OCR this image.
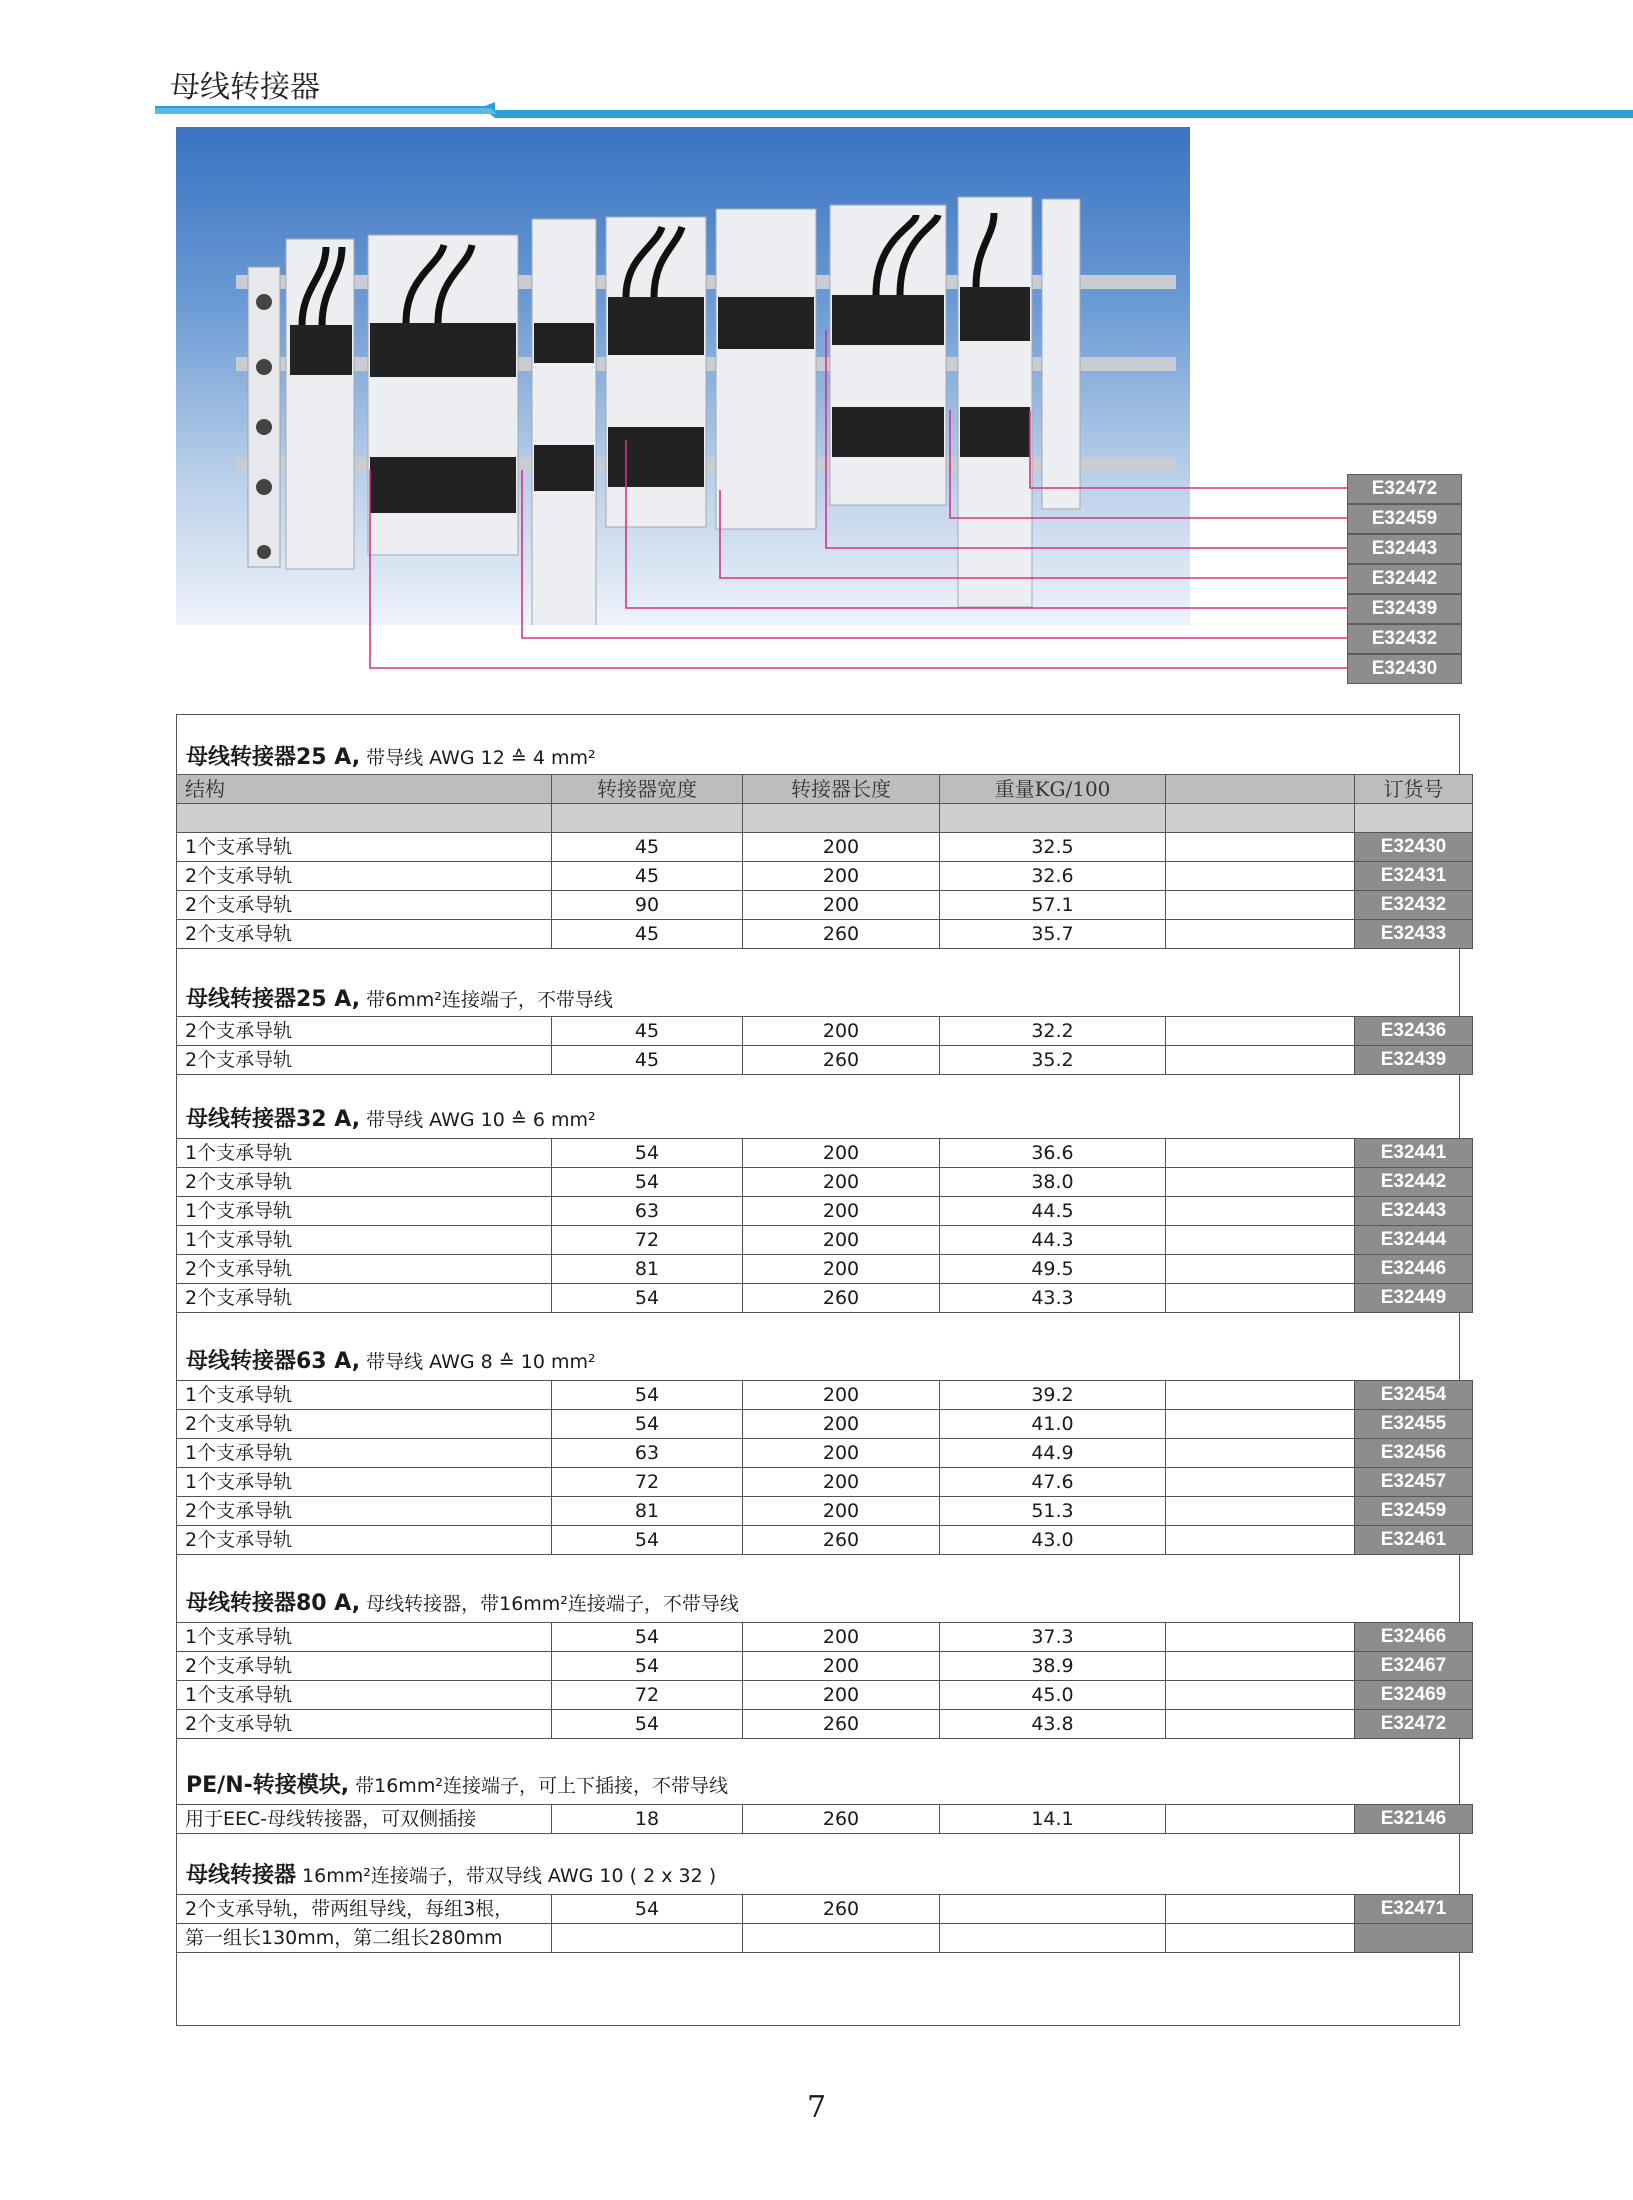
母线转接器
E32472
E32459
E32443
E32442
E32439
E32432
E32430
母线转接器25 A, 带导线 AWG 12 ≙ 4 mm²
结构	转接器宽度	转接器长度	重量KG/100		订货号

1个支承导轨	45	200	32.5		E32430
2个支承导轨	45	200	32.6		E32431
2个支承导轨	90	200	57.1		E32432
2个支承导轨	45	260	35.7		E32433
母线转接器25 A, 带6mm²连接端子，不带导线
2个支承导轨	45	200	32.2		E32436
2个支承导轨	45	260	35.2		E32439
母线转接器32 A, 带导线 AWG 10 ≙ 6 mm²
1个支承导轨	54	200	36.6		E32441
2个支承导轨	54	200	38.0		E32442
1个支承导轨	63	200	44.5		E32443
1个支承导轨	72	200	44.3		E32444
2个支承导轨	81	200	49.5		E32446
2个支承导轨	54	260	43.3		E32449
母线转接器63 A, 带导线 AWG 8 ≙ 10 mm²
1个支承导轨	54	200	39.2		E32454
2个支承导轨	54	200	41.0		E32455
1个支承导轨	63	200	44.9		E32456
1个支承导轨	72	200	47.6		E32457
2个支承导轨	81	200	51.3		E32459
2个支承导轨	54	260	43.0		E32461
母线转接器80 A, 母线转接器，带16mm²连接端子，不带导线
1个支承导轨	54	200	37.3		E32466
2个支承导轨	54	200	38.9		E32467
1个支承导轨	72	200	45.0		E32469
2个支承导轨	54	260	43.8		E32472
PE/N-转接模块, 带16mm²连接端子，可上下插接，不带导线
用于EEC-母线转接器，可双侧插接	18	260	14.1		E32146
母线转接器 16mm²连接端子，带双导线 AWG 10 ( 2 x 32 )
2个支承导轨，带两组导线，每组3根，	54	260			E32471
第一组长130mm，第二组长280mm					
7
